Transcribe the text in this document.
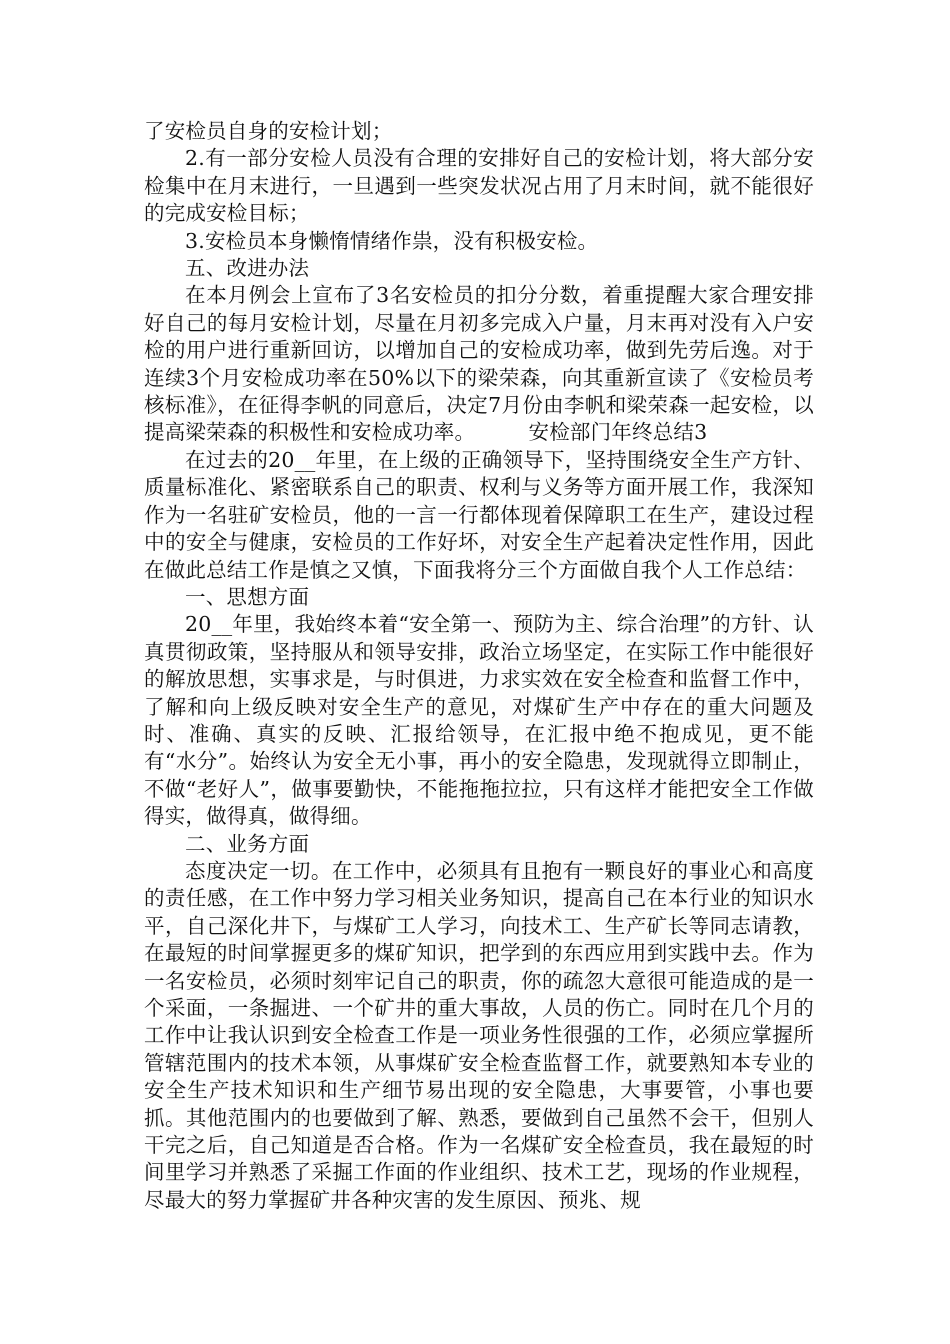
了安检员自身的安检计划；

2.有一部分安检人员没有合理的安排好自己的安检计划，将大部分安检集中在月末进行，一旦遇到一些突发状况占用了月末时间，就不能很好的完成安检目标；

3.安检员本身懒惰情绪作祟，没有积极安检。

五、改进办法

在本月例会上宣布了3名安检员的扣分分数，着重提醒大家合理安排好自己的每月安检计划，尽量在月初多完成入户量，月末再对没有入户安检的用户进行重新回访，以增加自己的安检成功率，做到先劳后逸。对于连续3个月安检成功率在50%以下的梁荣森，向其重新宣读了《安检员考核标准》，在征得李帆的同意后，决定7月份由李帆和梁荣森一起安检，以提高梁荣森的积极性和安检成功率。	安检部门年终总结3

在过去的20__年里，在上级的正确领导下，坚持围绕安全生产方针、质量标准化、紧密联系自己的职责、权利与义务等方面开展工作，我深知作为一名驻矿安检员，他的一言一行都体现着保障职工在生产，建设过程中的安全与健康，安检员的工作好坏，对安全生产起着决定性作用，因此在做此总结工作是慎之又慎，下面我将分三个方面做自我个人工作总结：

一、思想方面

20__年里，我始终本着“安全第一、预防为主、综合治理”的方针、认真贯彻政策，坚持服从和领导安排，政治立场坚定，在实际工作中能很好的解放思想，实事求是，与时俱进，力求实效在安全检查和监督工作中，了解和向上级反映对安全生产的意见，对煤矿生产中存在的重大问题及时、准确、真实的反映、汇报给领导，在汇报中绝不抱成见，更不能有“水分”。始终认为安全无小事，再小的安全隐患，发现就得立即制止，不做“老好人”，做事要勤快，不能拖拖拉拉，只有这样才能把安全工作做得实，做得真，做得细。

二、业务方面

态度决定一切。在工作中，必须具有且抱有一颗良好的事业心和高度的责任感，在工作中努力学习相关业务知识，提高自己在本行业的知识水平，自己深化井下，与煤矿工人学习，向技术工、生产矿长等同志请教，在最短的时间掌握更多的煤矿知识，把学到的东西应用到实践中去。作为一名安检员，必须时刻牢记自己的职责，你的疏忽大意很可能造成的是一个采面，一条掘进、一个矿井的重大事故，人员的伤亡。同时在几个月的工作中让我认识到安全检查工作是一项业务性很强的工作，必须应掌握所管辖范围内的技术本领，从事煤矿安全检查监督工作，就要熟知本专业的安全生产技术知识和生产细节易出现的安全隐患，大事要管，小事也要抓。其他范围内的也要做到了解、熟悉，要做到自己虽然不会干，但别人干完之后，自己知道是否合格。作为一名煤矿安全检查员，我在最短的时间里学习并熟悉了采掘工作面的作业组织、技术工艺，现场的作业规程，尽最大的努力掌握矿井各种灾害的发生原因、预兆、规
